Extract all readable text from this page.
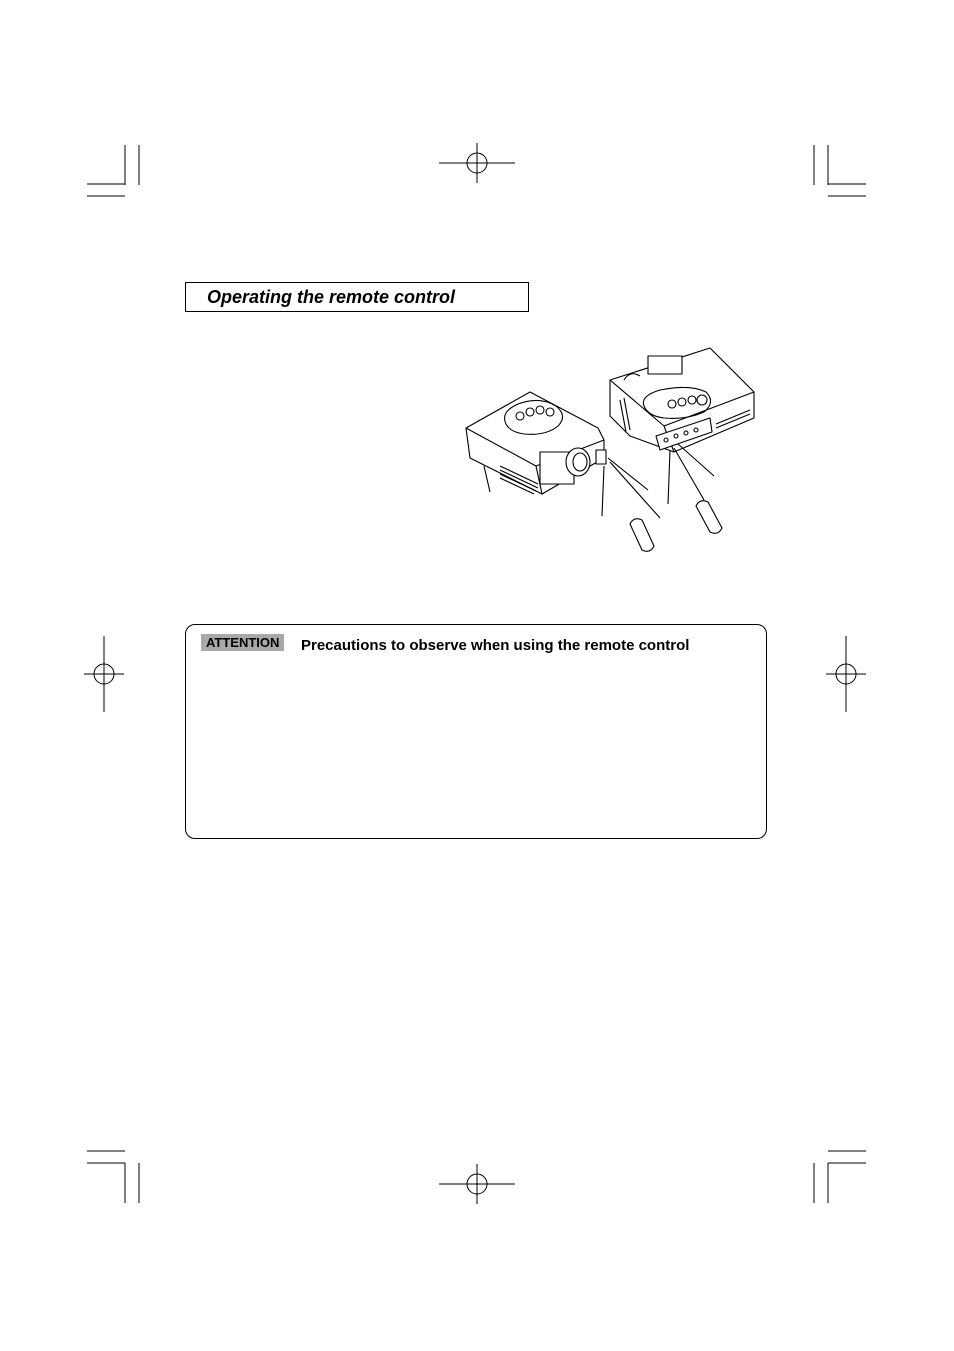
Operating the remote control
ATTENTION	Precautions to observe when using the remote control
